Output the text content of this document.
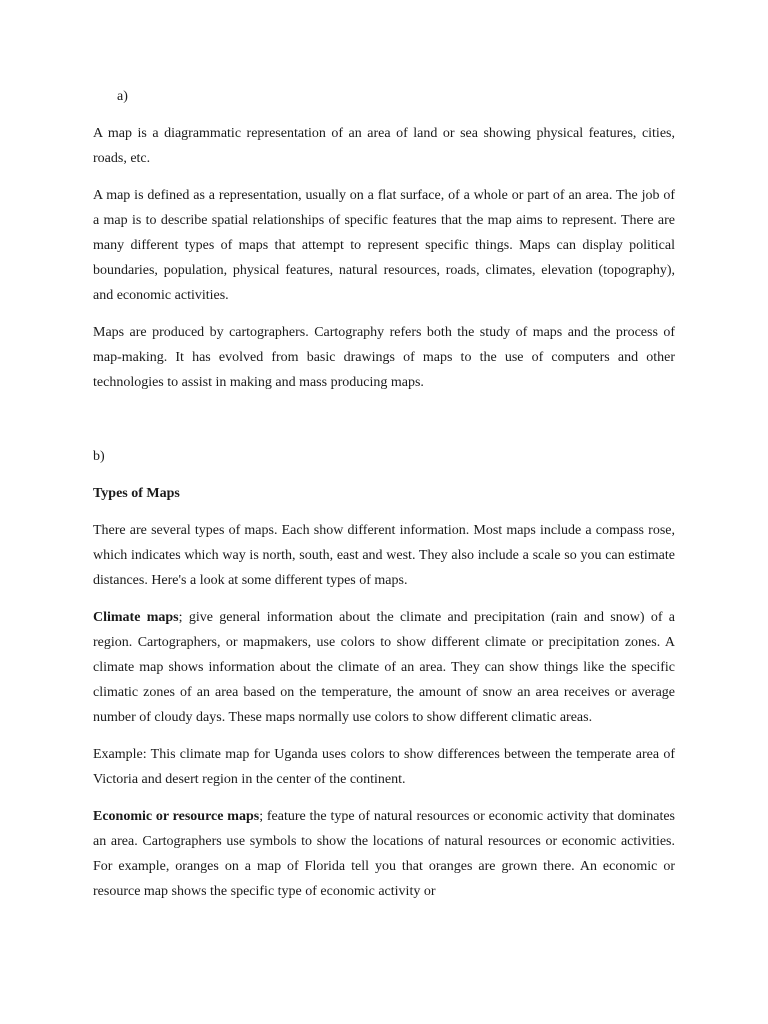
a)

A map is a diagrammatic representation of an area of land or sea showing physical features, cities, roads, etc.

A map is defined as a representation, usually on a flat surface, of a whole or part of an area. The job of a map is to describe spatial relationships of specific features that the map aims to represent. There are many different types of maps that attempt to represent specific things. Maps can display political boundaries, population, physical features, natural resources, roads, climates, elevation (topography), and economic activities.

Maps are produced by cartographers. Cartography refers both the study of maps and the process of map-making. It has evolved from basic drawings of maps to the use of computers and other technologies to assist in making and mass producing maps.

b)
Types of Maps

There are several types of maps. Each show different information. Most maps include a compass rose, which indicates which way is north, south, east and west. They also include a scale so you can estimate distances. Here's a look at some different types of maps.

Climate maps; give general information about the climate and precipitation (rain and snow) of a region. Cartographers, or mapmakers, use colors to show different climate or precipitation zones. A climate map shows information about the climate of an area. They can show things like the specific climatic zones of an area based on the temperature, the amount of snow an area receives or average number of cloudy days. These maps normally use colors to show different climatic areas.

Example: This climate map for Uganda uses colors to show differences between the temperate area of Victoria and desert region in the center of the continent.

Economic or resource maps; feature the type of natural resources or economic activity that dominates an area. Cartographers use symbols to show the locations of natural resources or economic activities. For example, oranges on a map of Florida tell you that oranges are grown there. An economic or resource map shows the specific type of economic activity or
